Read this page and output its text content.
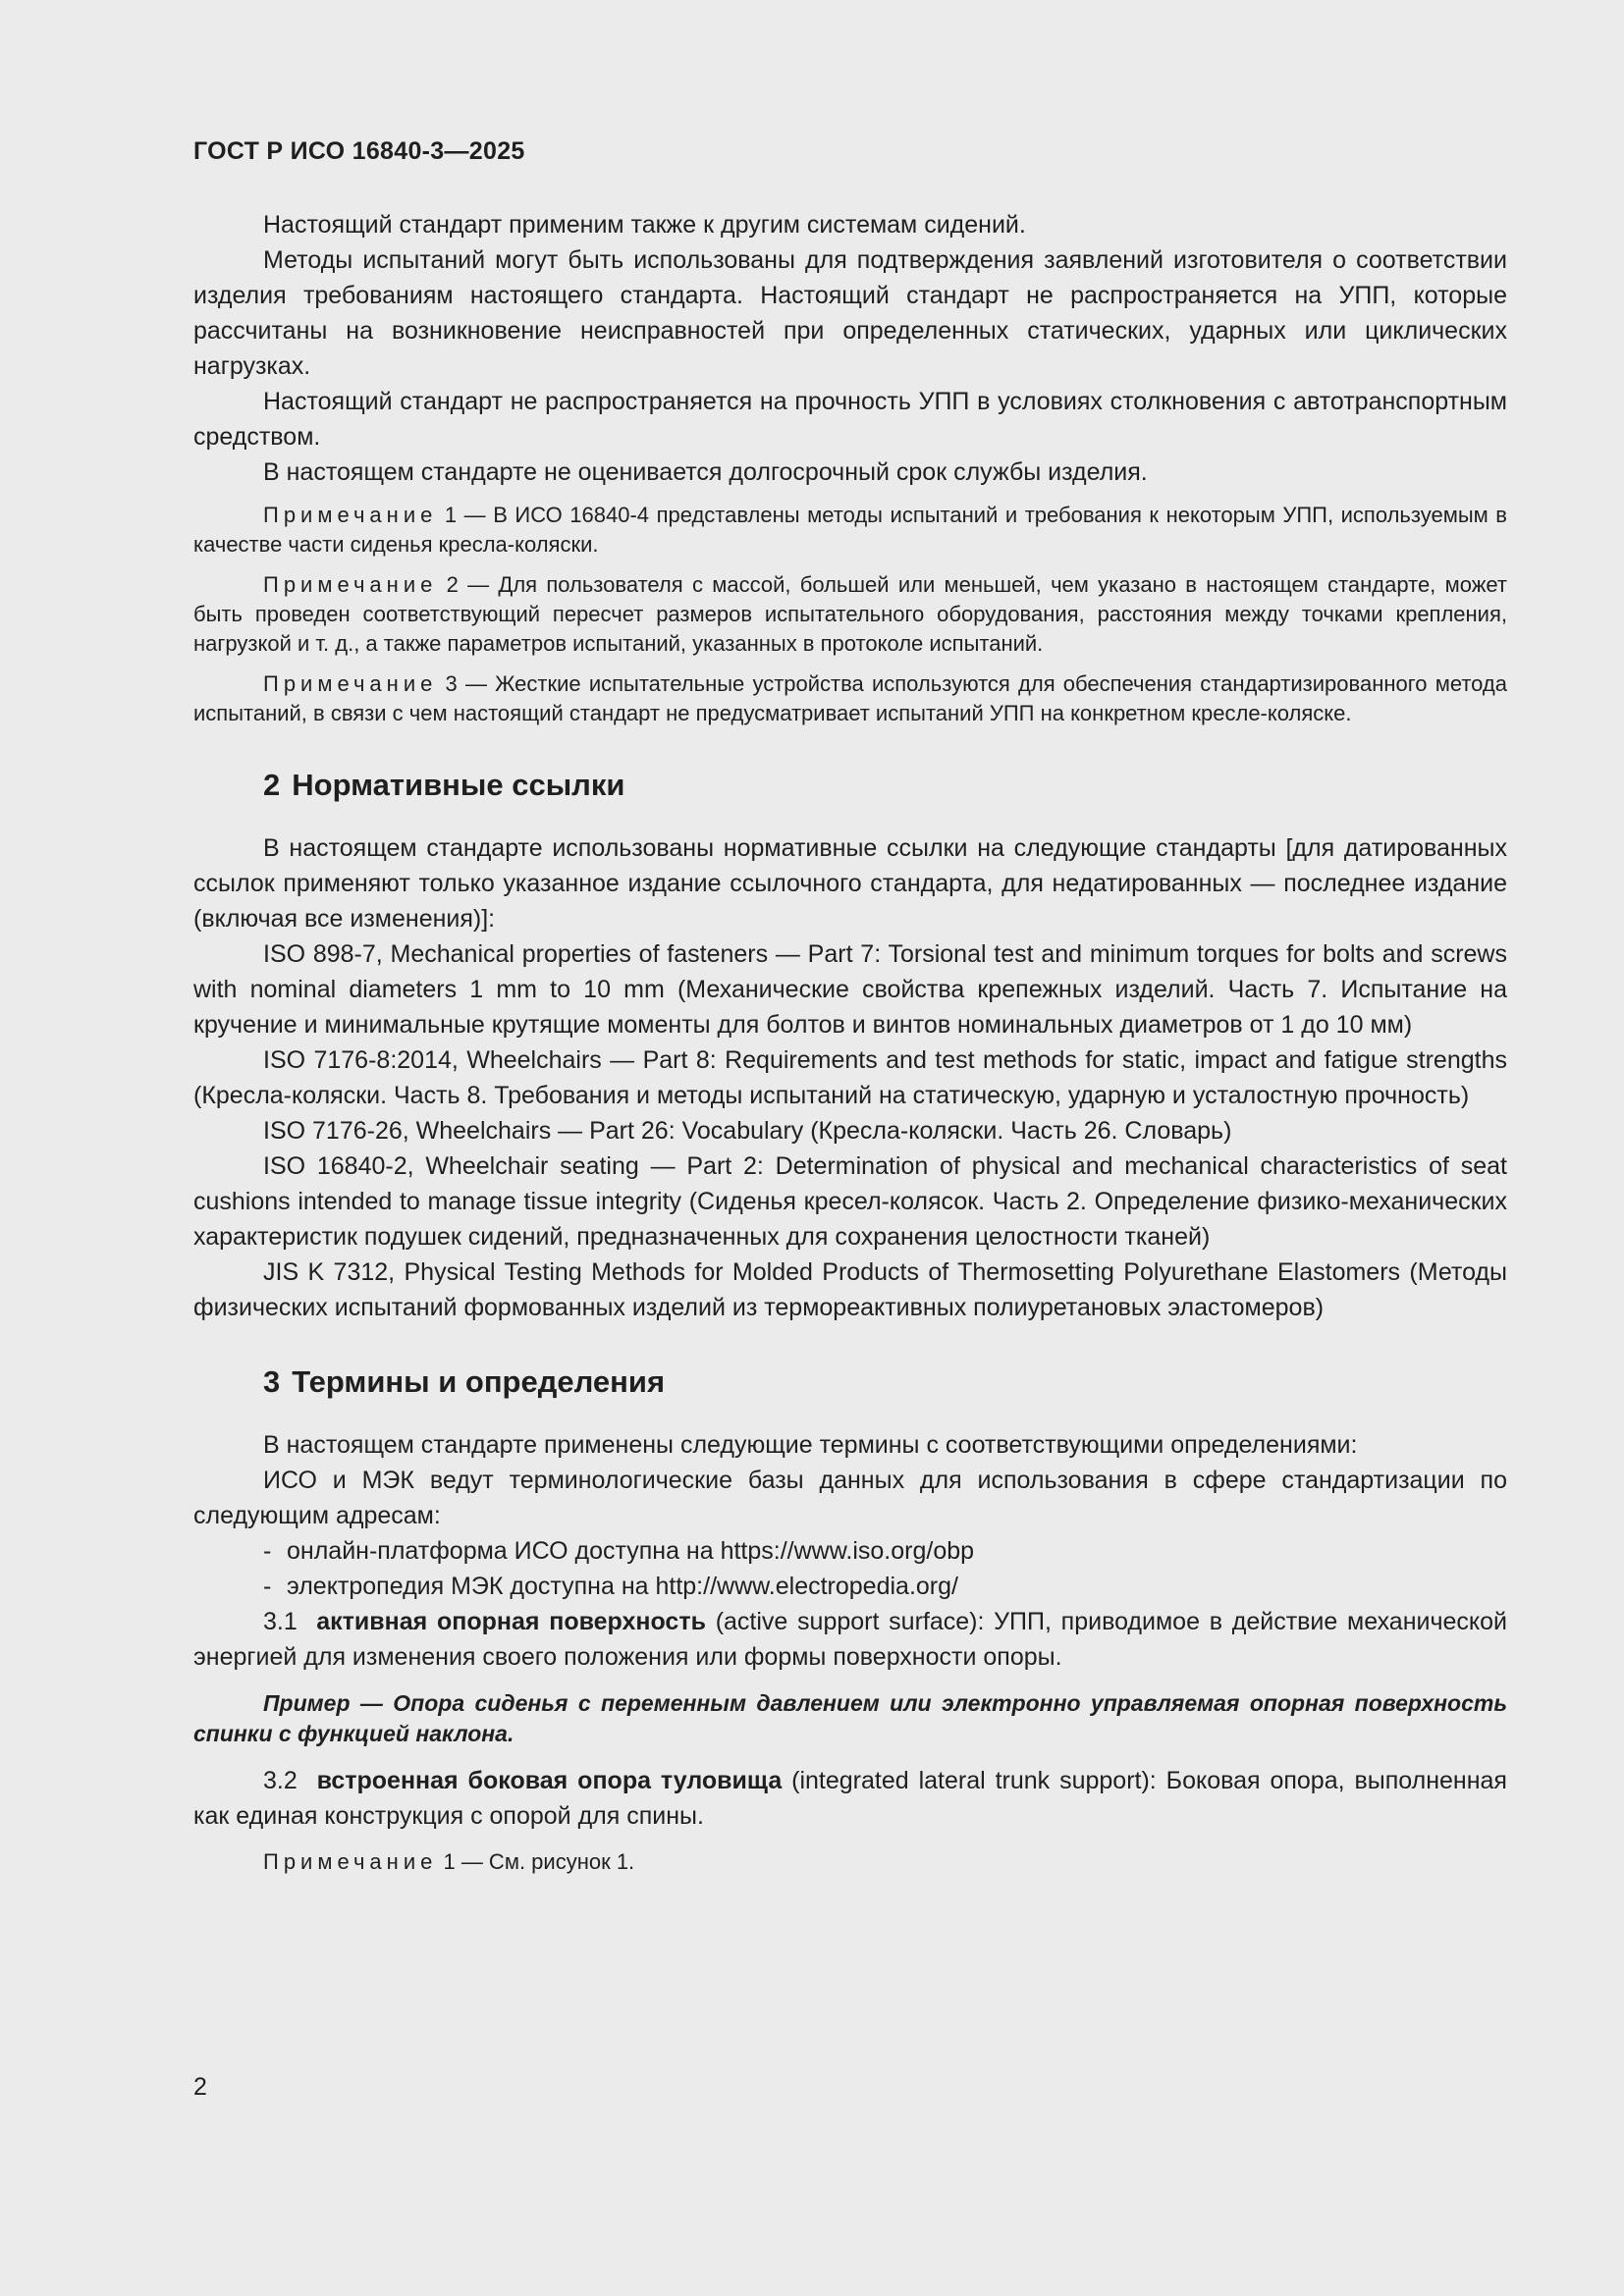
ГОСТ Р ИСО 16840-3—2025

Настоящий стандарт применим также к другим системам сидений.

Методы испытаний могут быть использованы для подтверждения заявлений изготовителя о соответствии изделия требованиям настоящего стандарта. Настоящий стандарт не распространяется на УПП, которые рассчитаны на возникновение неисправностей при определенных статических, ударных или циклических нагрузках.

Настоящий стандарт не распространяется на прочность УПП в условиях столкновения с автотранспортным средством.

В настоящем стандарте не оценивается долгосрочный срок службы изделия.

Примечание 1 — В ИСО 16840-4 представлены методы испытаний и требования к некоторым УПП, используемым в качестве части сиденья кресла-коляски.

Примечание 2 — Для пользователя с массой, большей или меньшей, чем указано в настоящем стандарте, может быть проведен соответствующий пересчет размеров испытательного оборудования, расстояния между точками крепления, нагрузкой и т. д., а также параметров испытаний, указанных в протоколе испытаний.

Примечание 3 — Жесткие испытательные устройства используются для обеспечения стандартизированного метода испытаний, в связи с чем настоящий стандарт не предусматривает испытаний УПП на конкретном кресле-коляске.

2 Нормативные ссылки

В настоящем стандарте использованы нормативные ссылки на следующие стандарты [для датированных ссылок применяют только указанное издание ссылочного стандарта, для недатированных — последнее издание (включая все изменения)]:

ISO 898-7, Mechanical properties of fasteners — Part 7: Torsional test and minimum torques for bolts and screws with nominal diameters 1 mm to 10 mm (Механические свойства крепежных изделий. Часть 7. Испытание на кручение и минимальные крутящие моменты для болтов и винтов номинальных диаметров от 1 до 10 мм)

ISO 7176-8:2014, Wheelchairs — Part 8: Requirements and test methods for static, impact and fatigue strengths (Кресла-коляски. Часть 8. Требования и методы испытаний на статическую, ударную и усталостную прочность)

ISO 7176-26, Wheelchairs — Part 26: Vocabulary (Кресла-коляски. Часть 26. Словарь)

ISO 16840-2, Wheelchair seating — Part 2: Determination of physical and mechanical characteristics of seat cushions intended to manage tissue integrity (Сиденья кресел-колясок. Часть 2. Определение физико-механических характеристик подушек сидений, предназначенных для сохранения целостности тканей)

JIS K 7312, Physical Testing Methods for Molded Products of Thermosetting Polyurethane Elastomers (Методы физических испытаний формованных изделий из термореактивных полиуретановых эластомеров)

3 Термины и определения

В настоящем стандарте применены следующие термины с соответствующими определениями:

ИСО и МЭК ведут терминологические базы данных для использования в сфере стандартизации по следующим адресам:

- онлайн-платформа ИСО доступна на https://www.iso.org/obp
- электропедия МЭК доступна на http://www.electropedia.org/

3.1 активная опорная поверхность (active support surface): УПП, приводимое в действие механической энергией для изменения своего положения или формы поверхности опоры.

Пример — Опора сиденья с переменным давлением или электронно управляемая опорная поверхность спинки с функцией наклона.

3.2 встроенная боковая опора туловища (integrated lateral trunk support): Боковая опора, выполненная как единая конструкция с опорой для спины.

Примечание 1 — См. рисунок 1.

2
